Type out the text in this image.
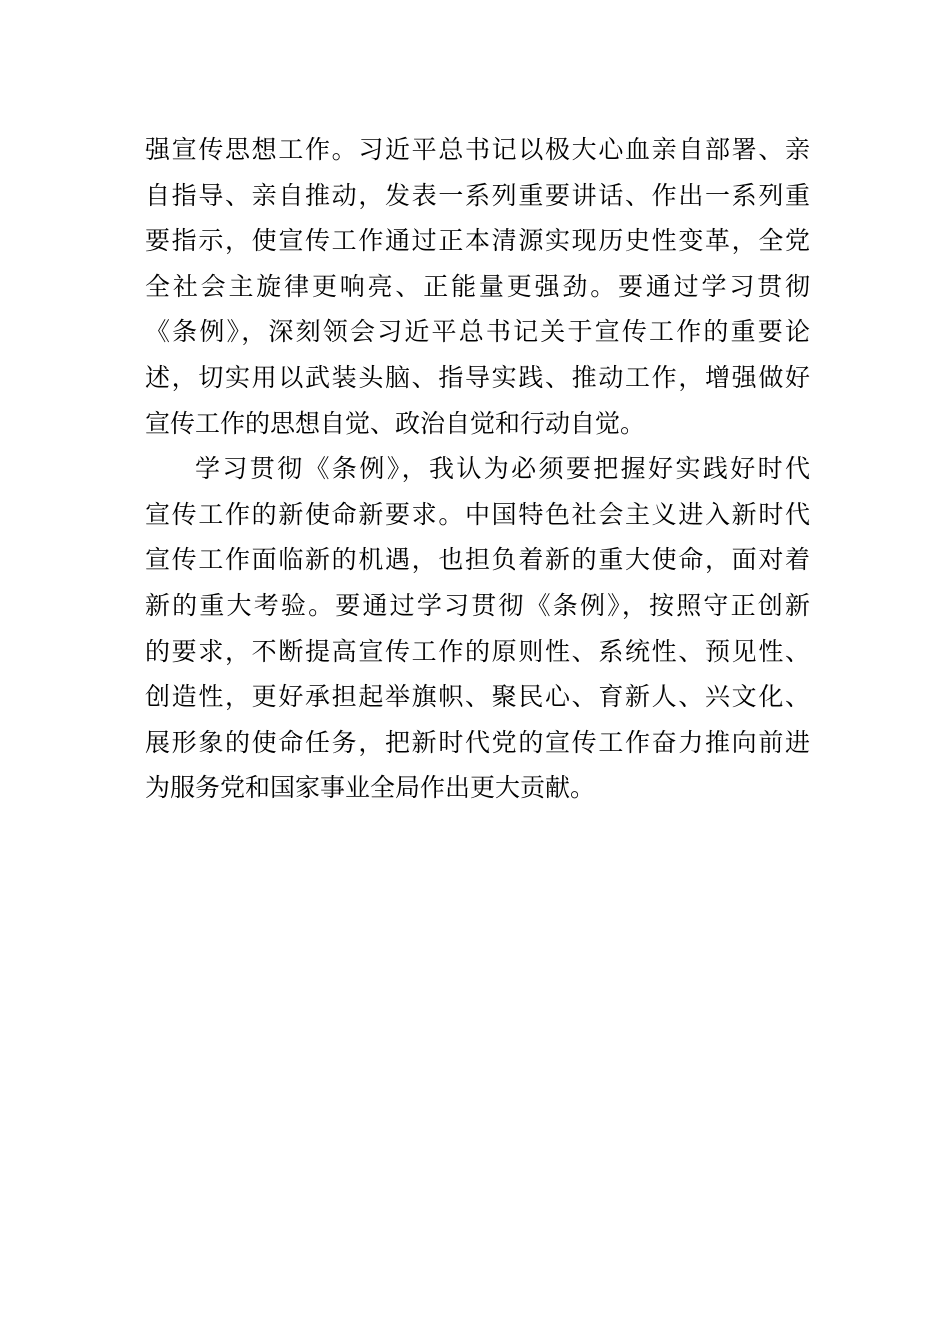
强宣传思想工作。习近平总书记以极大心血亲自部署、亲
自指导、亲自推动，发表一系列重要讲话、作出一系列重
要指示，使宣传工作通过正本清源实现历史性变革，全党
全社会主旋律更响亮、正能量更强劲。要通过学习贯彻
《条例》，深刻领会习近平总书记关于宣传工作的重要论
述，切实用以武装头脑、指导实践、推动工作，增强做好
宣传工作的思想自觉、政治自觉和行动自觉。
学习贯彻《条例》，我认为必须要把握好实践好时代
宣传工作的新使命新要求。中国特色社会主义进入新时代
宣传工作面临新的机遇，也担负着新的重大使命，面对着
新的重大考验。要通过学习贯彻《条例》，按照守正创新
的要求，不断提高宣传工作的原则性、系统性、预见性、
创造性，更好承担起举旗帜、聚民心、育新人、兴文化、
展形象的使命任务，把新时代党的宣传工作奋力推向前进
为服务党和国家事业全局作出更大贡献。
